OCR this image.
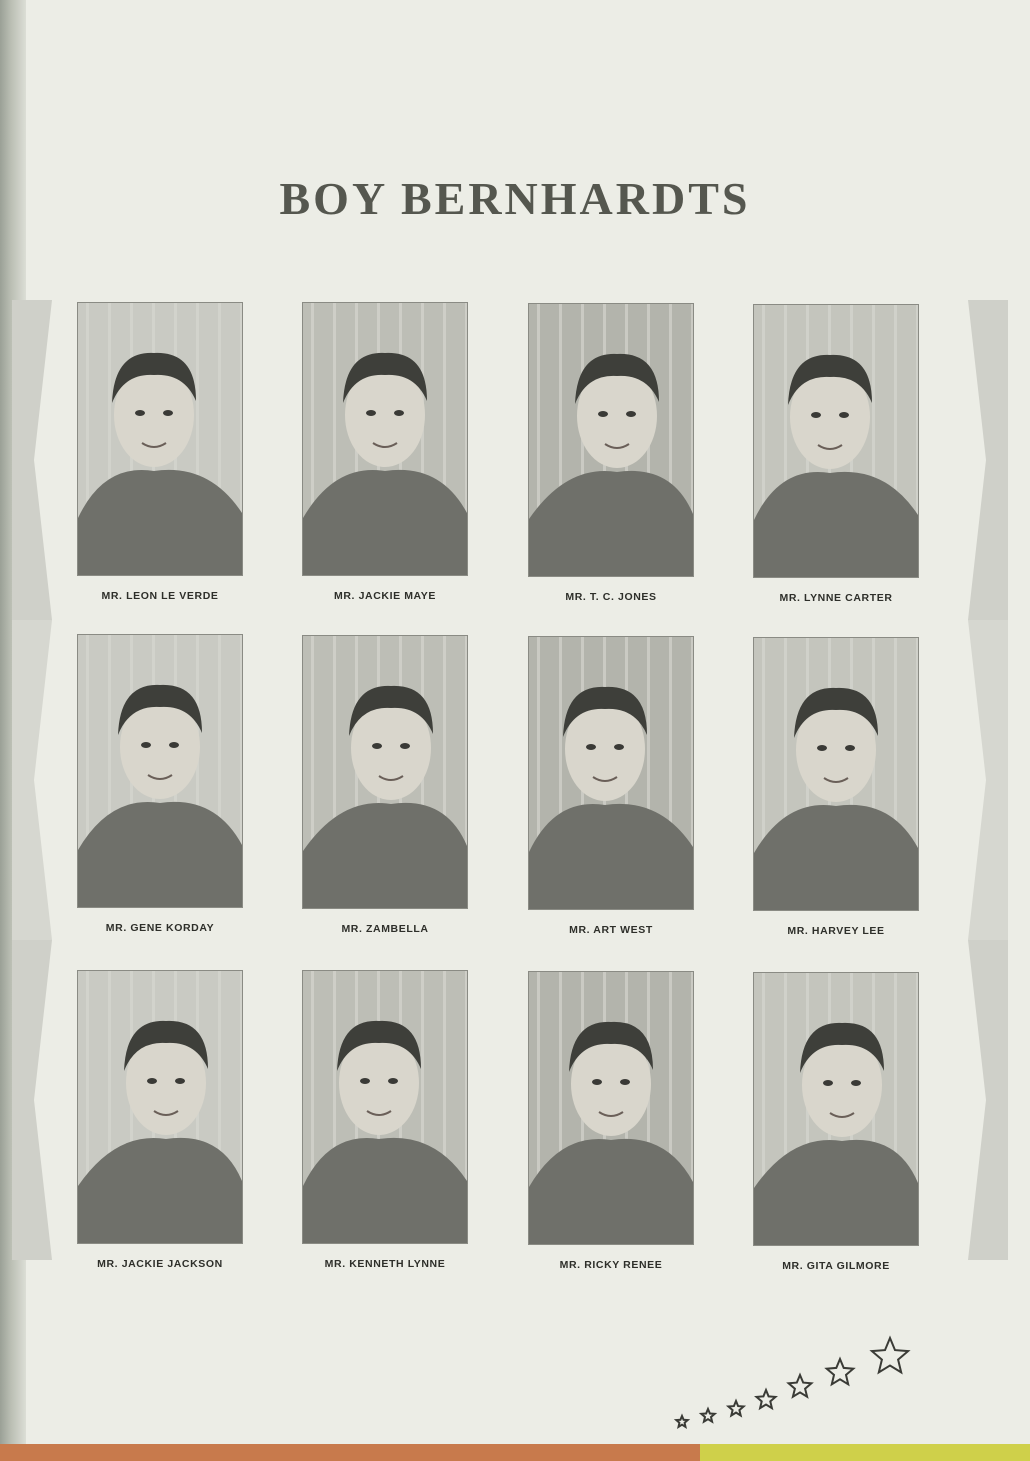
BOY BERNHARDTS
MR. LEON LE VERDE	MR. JACKIE MAYE	MR. T. C. JONES	MR. LYNNE CARTER
MR. GENE KORDAY	MR. ZAMBELLA	MR. ART WEST	MR. HARVEY LEE
MR. JACKIE JACKSON	MR. KENNETH LYNNE	MR. RICKY RENEE	MR. GITA GILMORE
